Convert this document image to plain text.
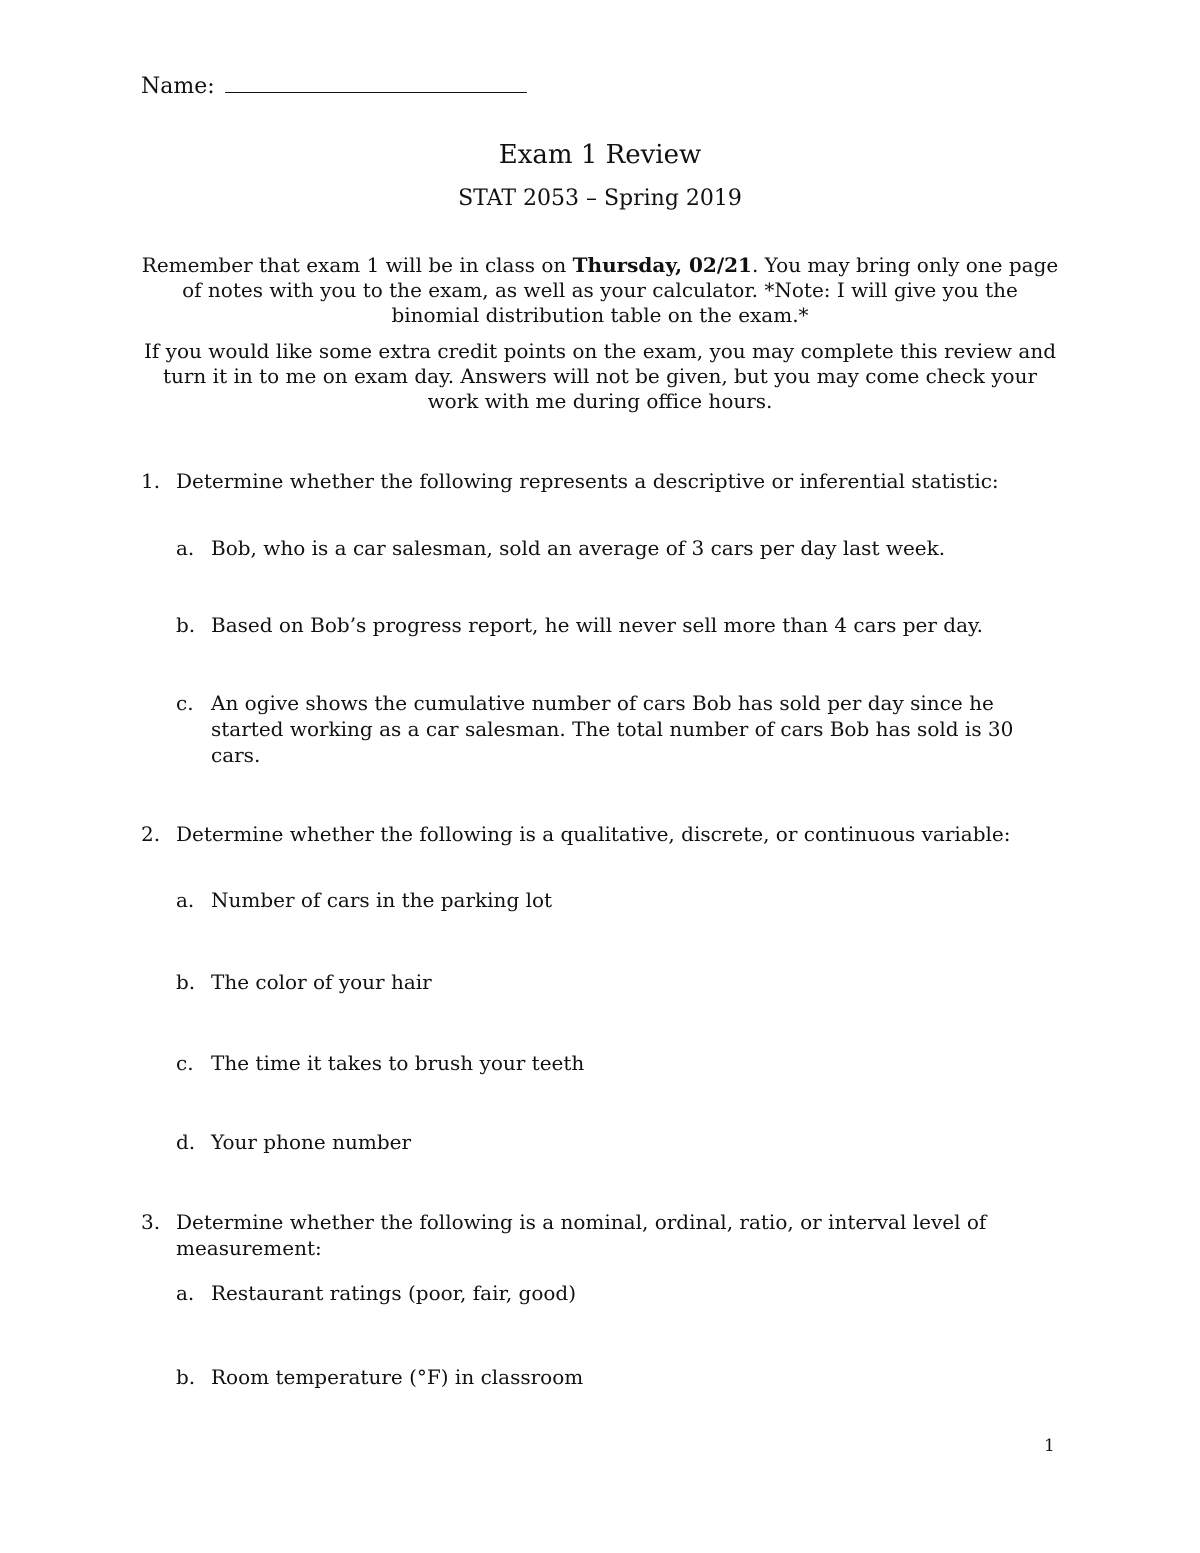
Name:
Exam 1 Review
STAT 2053 – Spring 2019
Remember that exam 1 will be in class on Thursday, 02/21. You may bring only one page of notes with you to the exam, as well as your calculator. *Note: I will give you the binomial distribution table on the exam.*
If you would like some extra credit points on the exam, you may complete this review and turn it in to me on exam day. Answers will not be given, but you may come check your work with me during office hours.
1. Determine whether the following represents a descriptive or inferential statistic:
a. Bob, who is a car salesman, sold an average of 3 cars per day last week.
b. Based on Bob’s progress report, he will never sell more than 4 cars per day.
c. An ogive shows the cumulative number of cars Bob has sold per day since he started working as a car salesman. The total number of cars Bob has sold is 30 cars.
2. Determine whether the following is a qualitative, discrete, or continuous variable:
a. Number of cars in the parking lot
b. The color of your hair
c. The time it takes to brush your teeth
d. Your phone number
3. Determine whether the following is a nominal, ordinal, ratio, or interval level of measurement:
a. Restaurant ratings (poor, fair, good)
b. Room temperature (°F) in classroom
1
